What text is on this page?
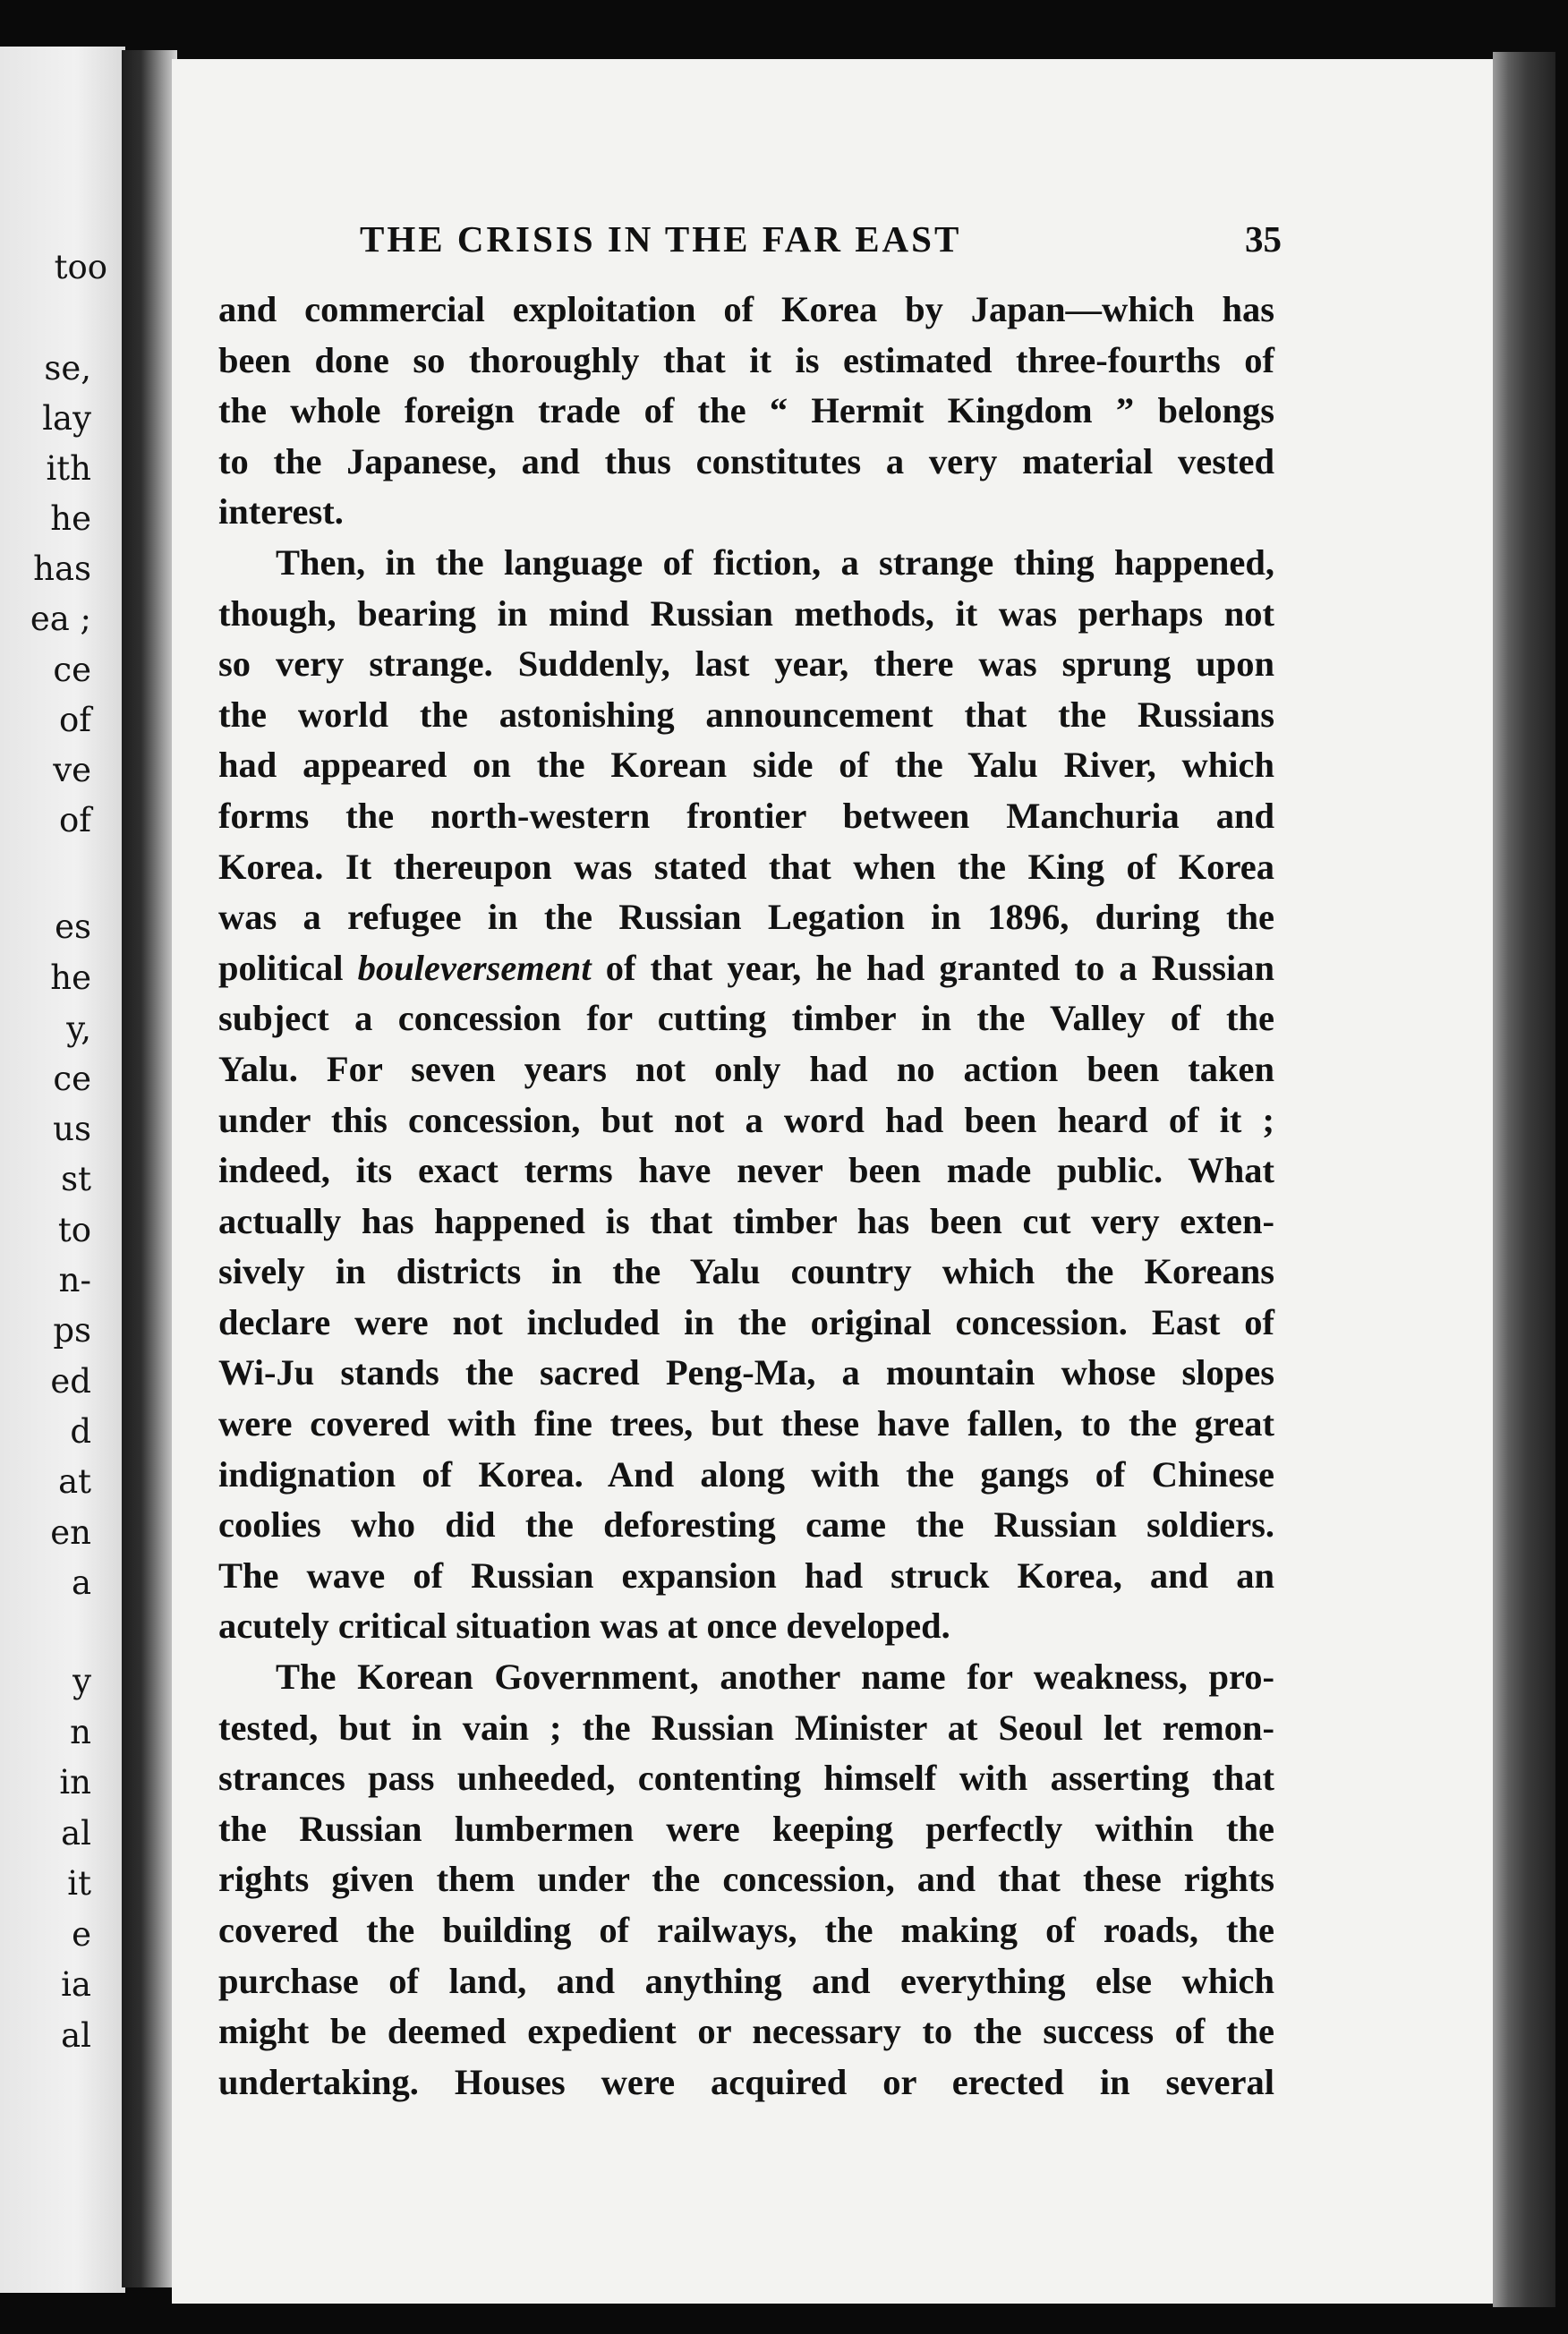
too
se,
lay
ith
he
has
ea ;
ce
of
ve
of
es
he
y,
ce
us
st
to
n-
ps
ed
d
at
en
a
y
n
in
al
it
e
ia
al
THE CRISIS IN THE FAR EAST	35
and commercial exploitation of Korea by Japan—which has
been done so thoroughly that it is estimated three-fourths of
the whole foreign trade of the “ Hermit Kingdom ” belongs
to the Japanese, and thus constitutes a very material vested
interest.
Then, in the language of fiction, a strange thing happened,
though, bearing in mind Russian methods, it was perhaps not
so very strange. Suddenly, last year, there was sprung upon
the world the astonishing announcement that the Russians
had appeared on the Korean side of the Yalu River, which
forms the north-western frontier between Manchuria and
Korea. It thereupon was stated that when the King of Korea
was a refugee in the Russian Legation in 1896, during the
political bouleversement of that year, he had granted to a Russian
subject a concession for cutting timber in the Valley of the
Yalu. For seven years not only had no action been taken
under this concession, but not a word had been heard of it ;
indeed, its exact terms have never been made public. What
actually has happened is that timber has been cut very exten-
sively in districts in the Yalu country which the Koreans
declare were not included in the original concession. East of
Wi-Ju stands the sacred Peng-Ma, a mountain whose slopes
were covered with fine trees, but these have fallen, to the great
indignation of Korea. And along with the gangs of Chinese
coolies who did the deforesting came the Russian soldiers.
The wave of Russian expansion had struck Korea, and an
acutely critical situation was at once developed.
The Korean Government, another name for weakness, pro-
tested, but in vain ; the Russian Minister at Seoul let remon-
strances pass unheeded, contenting himself with asserting that
the Russian lumbermen were keeping perfectly within the
rights given them under the concession, and that these rights
covered the building of railways, the making of roads, the
purchase of land, and anything and everything else which
might be deemed expedient or necessary to the success of the
undertaking. Houses were acquired or erected in several
